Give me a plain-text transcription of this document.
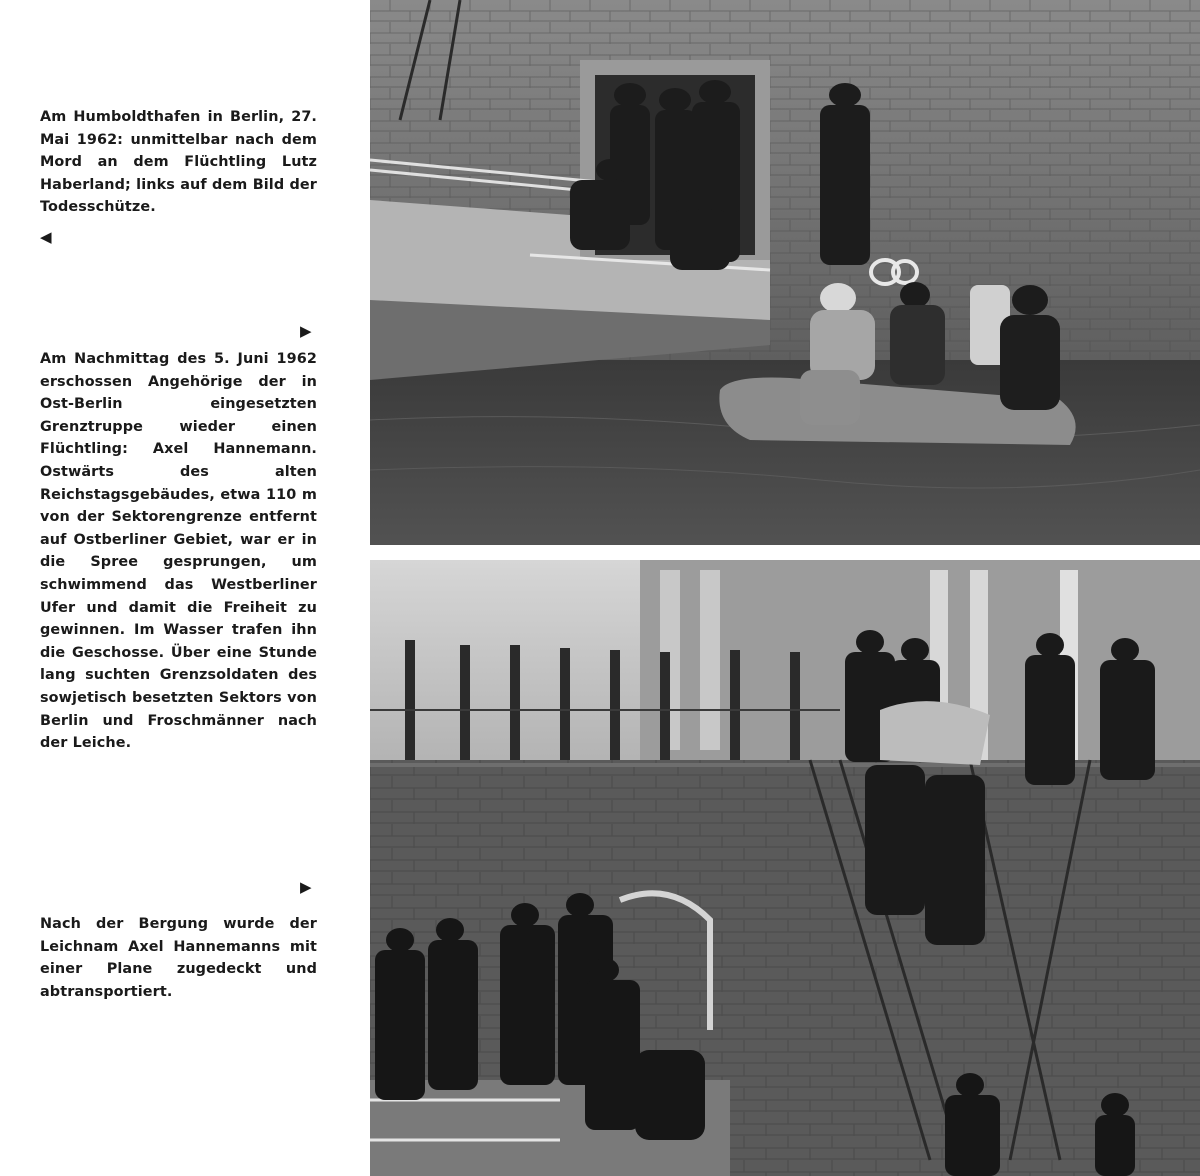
Am Humboldthafen in Berlin, 27. Mai 1962: unmittelbar nach dem Mord an dem Flüchtling Lutz Haberland; links auf dem Bild der Todesschütze.
◀
▶
Am Nachmittag des 5. Juni 1962 erschossen Angehörige der in Ost-Berlin eingesetzten Grenztruppe wieder einen Flüchtling: Axel Hannemann. Ostwärts des alten Reichstagsgebäudes, etwa 110 m von der Sektorengrenze entfernt auf Ostberliner Gebiet, war er in die Spree gesprungen, um schwimmend das Westberliner Ufer und damit die Freiheit zu gewinnen. Im Wasser trafen ihn die Geschosse. Über eine Stunde lang suchten Grenzsoldaten des sowjetisch besetzten Sektors von Berlin und Froschmänner nach der Leiche.
▶
Nach der Bergung wurde der Leichnam Axel Hannemanns mit einer Plane zugedeckt und abtransportiert.
